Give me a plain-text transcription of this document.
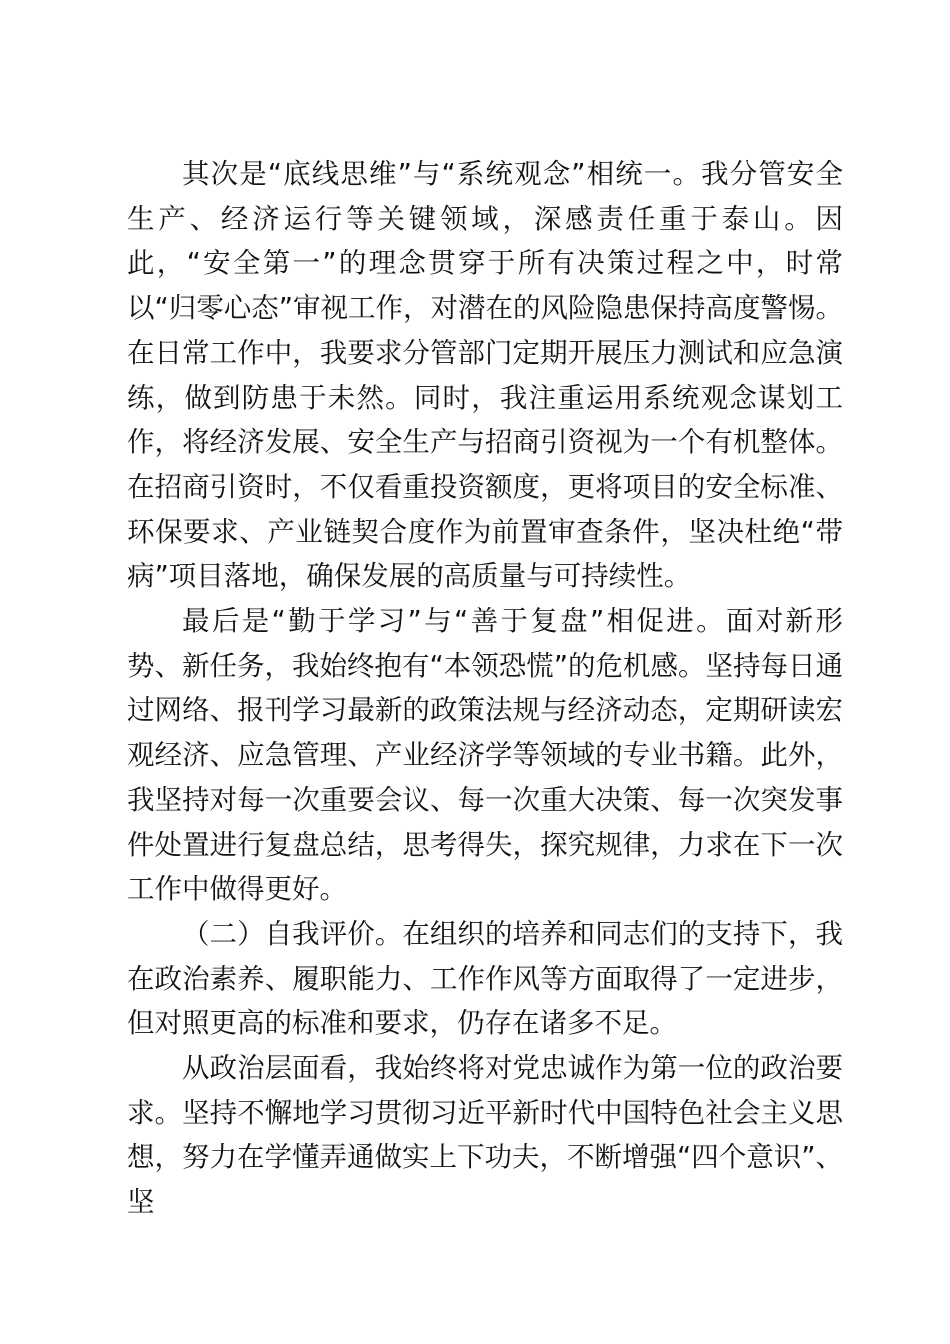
其次是“底线思维”与“系统观念”相统一。我分管安全生产、经济运行等关键领域，深感责任重于泰山。因此，“安全第一”的理念贯穿于所有决策过程之中，时常以“归零心态”审视工作，对潜在的风险隐患保持高度警惕。在日常工作中，我要求分管部门定期开展压力测试和应急演练，做到防患于未然。同时，我注重运用系统观念谋划工作，将经济发展、安全生产与招商引资视为一个有机整体。在招商引资时，不仅看重投资额度，更将项目的安全标准、环保要求、产业链契合度作为前置审查条件，坚决杜绝“带病”项目落地，确保发展的高质量与可持续性。

最后是“勤于学习”与“善于复盘”相促进。面对新形势、新任务，我始终抱有“本领恐慌”的危机感。坚持每日通过网络、报刊学习最新的政策法规与经济动态，定期研读宏观经济、应急管理、产业经济学等领域的专业书籍。此外，我坚持对每一次重要会议、每一次重大决策、每一次突发事件处置进行复盘总结，思考得失，探究规律，力求在下一次工作中做得更好。

（二）自我评价。在组织的培养和同志们的支持下，我在政治素养、履职能力、工作作风等方面取得了一定进步，但对照更高的标准和要求，仍存在诸多不足。

从政治层面看，我始终将对党忠诚作为第一位的政治要求。坚持不懈地学习贯彻习近平新时代中国特色社会主义思想，努力在学懂弄通做实上下功夫，不断增强“四个意识”、坚
